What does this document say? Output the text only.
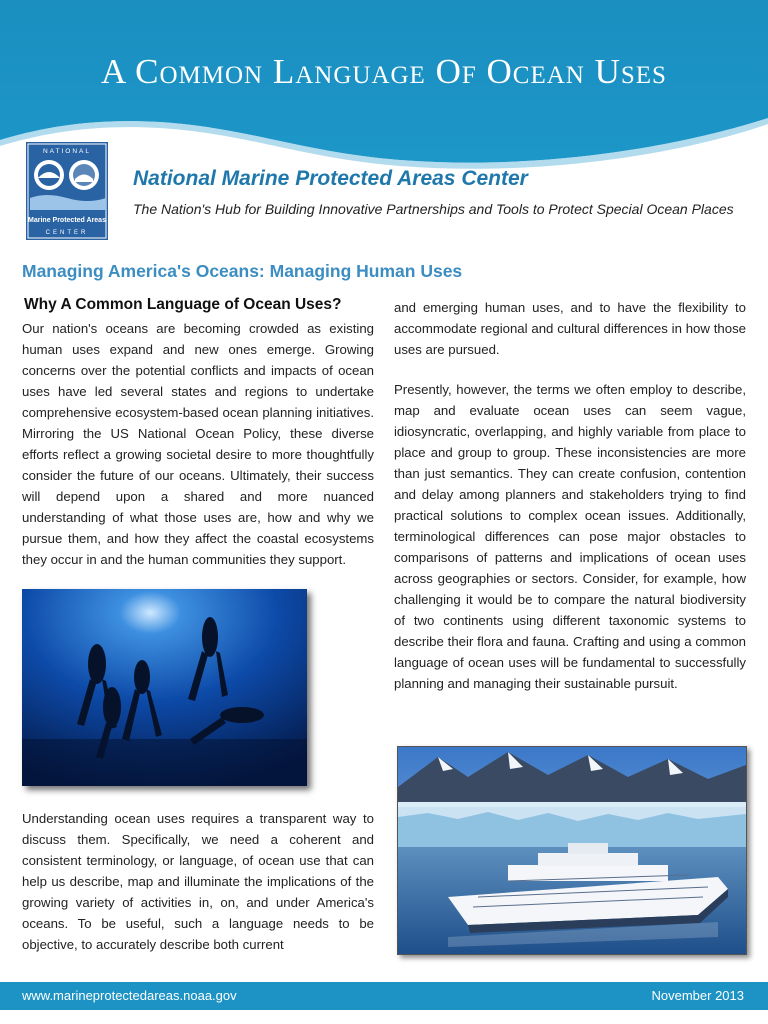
A Common Language Of Ocean Uses
NATIONAL
Marine Protected Areas
CENTER
National Marine Protected Areas Center
The Nation's Hub for Building Innovative Partnerships and Tools to Protect Special Ocean Places
Managing America's Oceans: Managing Human Uses
Why A Common Language of Ocean Uses?
Our nation's oceans are becoming crowded as existing human uses expand and new ones emerge. Growing concerns over the potential conflicts and impacts of ocean uses have led several states and regions to undertake comprehensive ecosystem-based ocean planning initiatives. Mirroring the US National Ocean Policy, these diverse efforts reflect a growing societal desire to more thoughtfully consider the future of our oceans. Ultimately, their success will depend upon a shared and more nuanced understanding of what those uses are, how and why we pursue them, and how they affect the coastal ecosystems they occur in and the human communities they support.
Understanding ocean uses requires a transparent way to discuss them. Specifically, we need a coherent and consistent terminology, or language, of ocean use that can help us describe, map and illuminate the implications of the growing variety of activities in, on, and under America's oceans. To be useful, such a language needs to be objective, to accurately describe both current
and emerging human uses, and to have the flexibility to accommodate regional and cultural differences in how those uses are pursued.
Presently, however, the terms we often employ to describe, map and evaluate ocean uses can seem vague, idiosyncratic, overlapping, and highly variable from place to place and group to group. These inconsistencies are more than just semantics. They can create confusion, contention and delay among planners and stakeholders trying to find practical solutions to complex ocean issues. Additionally, terminological differences can pose major obstacles to comparisons of patterns and implications of ocean uses across geographies or sectors. Consider, for example, how challenging it would be to compare the natural biodiversity of two continents using different taxonomic systems to describe their flora and fauna. Crafting and using a common language of ocean uses will be fundamental to successfully planning and managing their sustainable pursuit.
www.marineprotectedareas.noaa.gov	November 2013
